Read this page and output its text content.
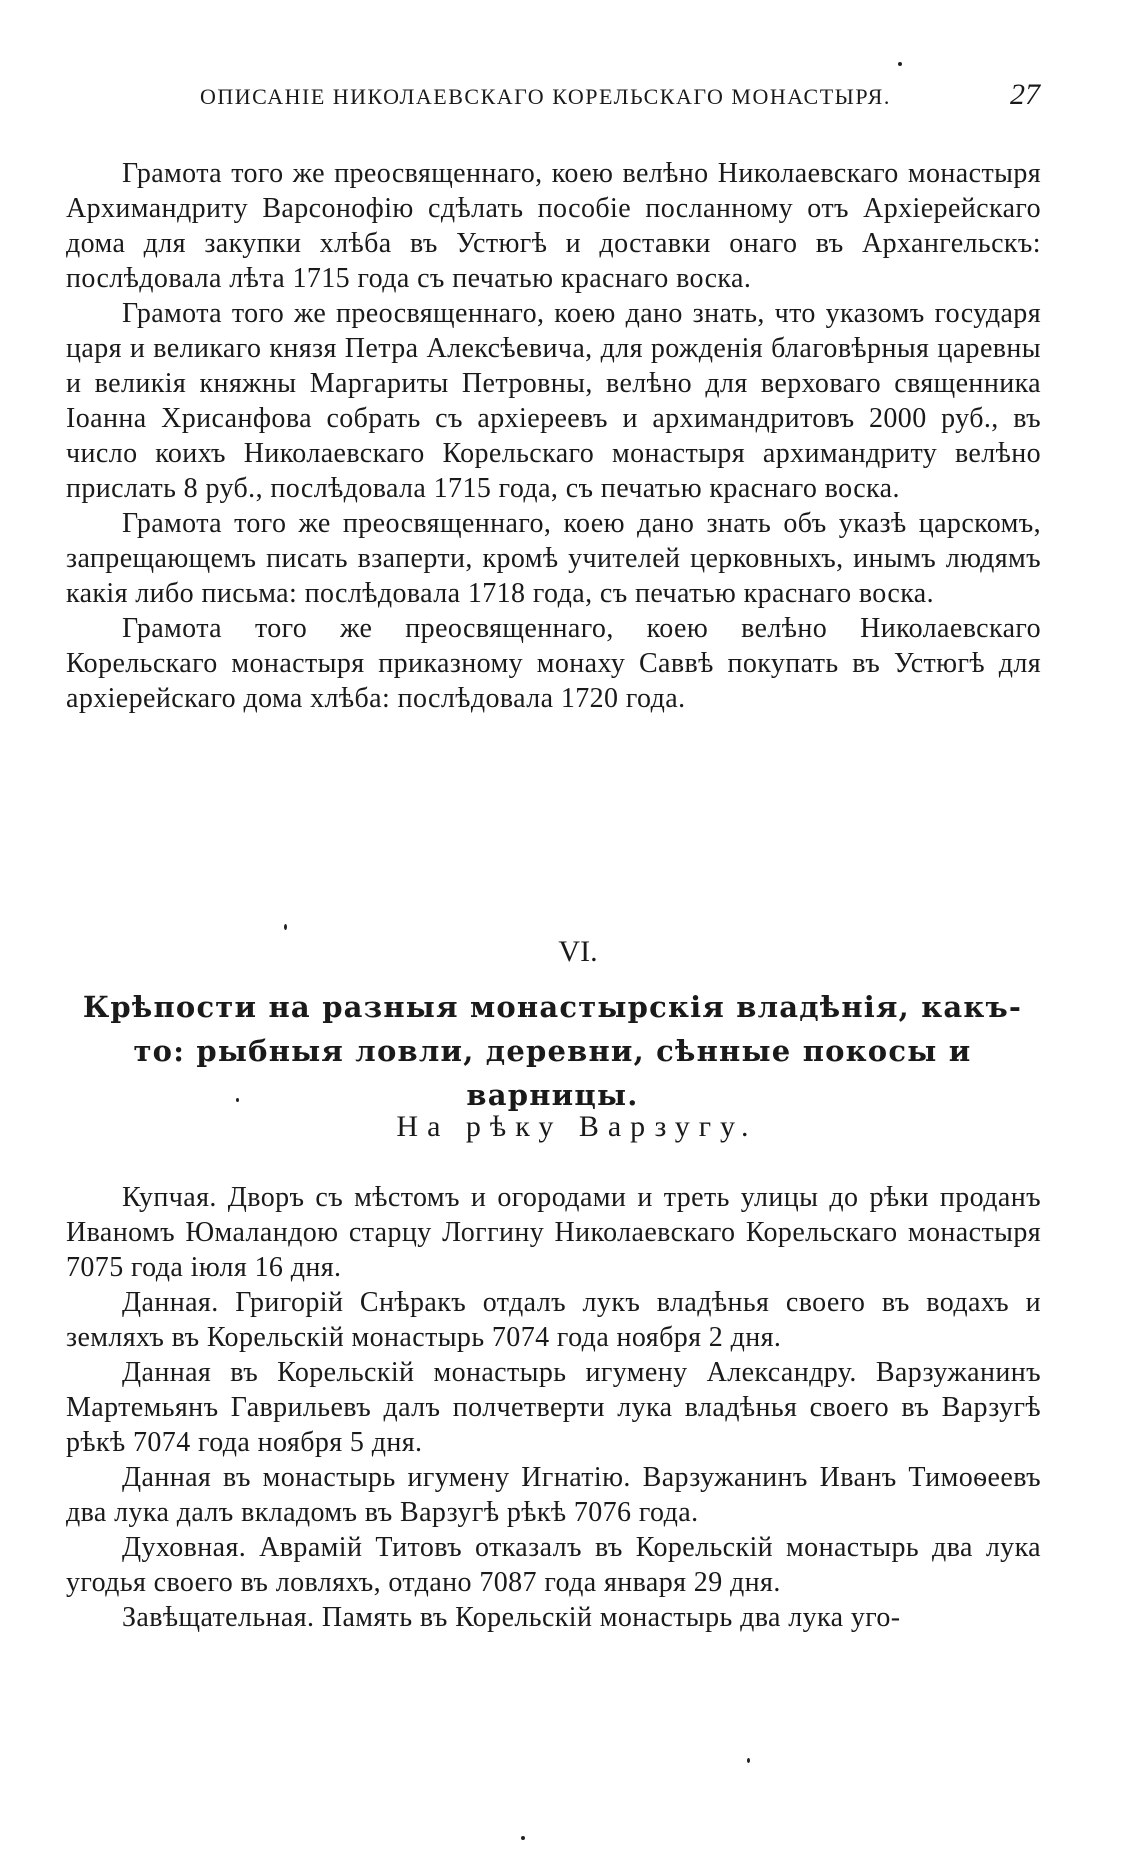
ОПИСАНІЕ НИКОЛАЕВСКАГО КОРЕЛЬСКАГО МОНАСТЫРЯ.	27

Грамота того же преосвященнаго, коею велѣно Николаевскаго монастыря Архимандриту Варсонофію сдѣлать пособіе посланному отъ Архіерейскаго дома для закупки хлѣба въ Устюгѣ и доставки онаго въ Архангельскъ: послѣдовала лѣта 1715 года съ печатью краснаго воска.

Грамота того же преосвященнаго, коею дано знать, что указомъ государя царя и великаго князя Петра Алексѣевича, для рожденія благовѣрныя царевны и великія княжны Маргариты Петровны, велѣно для верховаго священника Іоанна Хрисанфова собрать съ архіереевъ и архимандритовъ 2000 руб., въ число коихъ Николаевскаго Корельскаго монастыря архимандриту велѣно прислать 8 руб., послѣдовала 1715 года, съ печатью краснаго воска.

Грамота того же преосвященнаго, коею дано знать объ указѣ царскомъ, запрещающемъ писать взаперти, кромѣ учителей церковныхъ, инымъ людямъ какія либо письма: послѣдовала 1718 года, съ печатью краснаго воска.

Грамота того же преосвященнаго, коею велѣно Николаевскаго Корельскаго монастыря приказному монаху Саввѣ покупать въ Устюгѣ для архіерейскаго дома хлѣба: послѣдовала 1720 года.

VI.
Крѣпости на разныя монастырскія владѣнія, какъ-то: рыбныя ловли, деревни, сѣнные покосы и варницы.
На рѣку Варзугу.

Купчая. Дворъ съ мѣстомъ и огородами и треть улицы до рѣки проданъ Иваномъ Юмаландою старцу Логгину Николаевскаго Корельскаго монастыря 7075 года іюля 16 дня.

Данная. Григорій Снѣракъ отдалъ лукъ владѣнья своего въ водахъ и земляхъ въ Корельскій монастырь 7074 года ноября 2 дня.

Данная въ Корельскій монастырь игумену Александру. Варзужанинъ Мартемьянъ Гаврильевъ далъ полчетверти лука владѣнья своего въ Варзугѣ рѣкѣ 7074 года ноября 5 дня.

Данная въ монастырь игумену Игнатію. Варзужанинъ Иванъ Тимоѳеевъ два лука далъ вкладомъ въ Варзугѣ рѣкѣ 7076 года.

Духовная. Аврамій Титовъ отказалъ въ Корельскій монастырь два лука угодья своего въ ловляхъ, отдано 7087 года января 29 дня.

Завѣщательная. Память въ Корельскій монастырь два лука уго-
